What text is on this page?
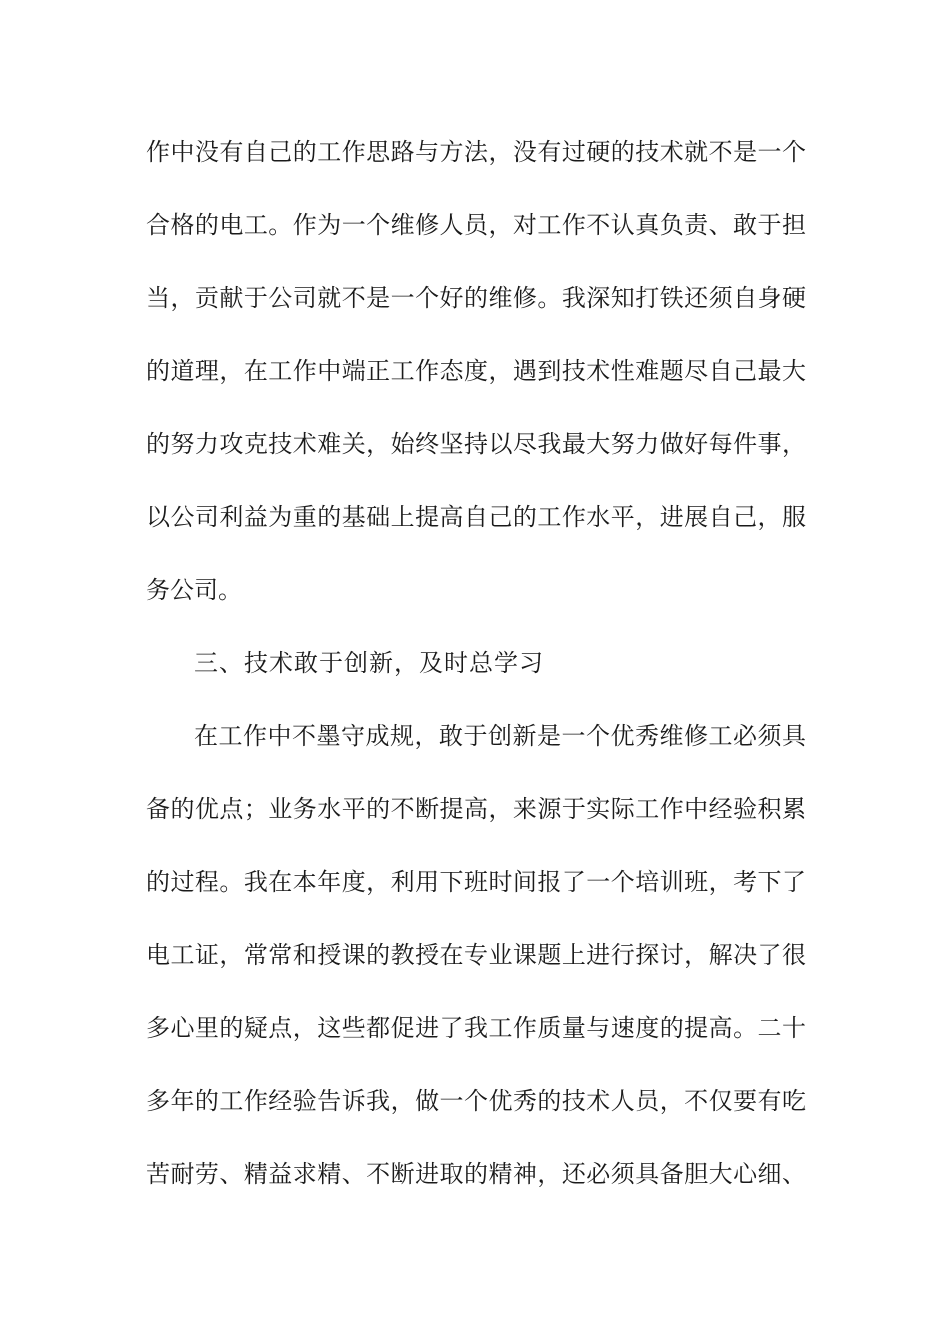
作中没有自己的工作思路与方法，没有过硬的技术就不是一个
合格的电工。作为一个维修人员，对工作不认真负责、敢于担
当，贡献于公司就不是一个好的维修。我深知打铁还须自身硬
的道理，在工作中端正工作态度，遇到技术性难题尽自己最大
的努力攻克技术难关，始终坚持以尽我最大努力做好每件事，
以公司利益为重的基础上提高自己的工作水平，进展自己，服
务公司。
三、技术敢于创新，及时总学习
在工作中不墨守成规，敢于创新是一个优秀维修工必须具
备的优点；业务水平的不断提高，来源于实际工作中经验积累
的过程。我在本年度，利用下班时间报了一个培训班，考下了
电工证，常常和授课的教授在专业课题上进行探讨，解决了很
多心里的疑点，这些都促进了我工作质量与速度的提高。二十
多年的工作经验告诉我，做一个优秀的技术人员，不仅要有吃
苦耐劳、精益求精、不断进取的精神，还必须具备胆大心细、
